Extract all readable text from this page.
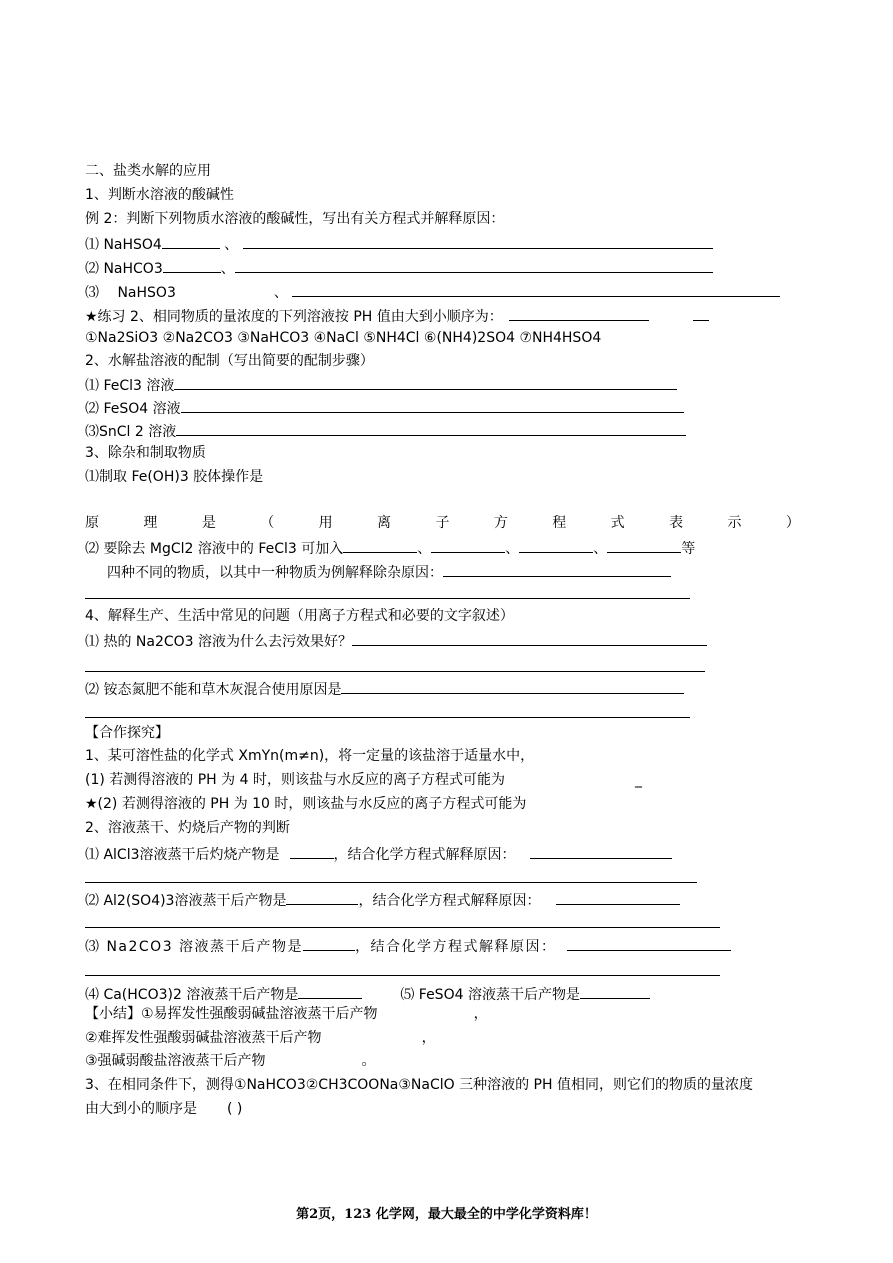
二、盐类水解的应用
1、判断水溶液的酸碱性
例 2：判断下列物质水溶液的酸碱性，写出有关方程式并解释原因：
⑴ NaHSO4	、
⑵ NaHCO3	、
⑶ NaHSO3	、
★练习 2、相同物质的量浓度的下列溶液按 PH 值由大到小顺序为：
①Na2SiO3 ②Na2CO3 ③NaHCO3 ④NaCl ⑤NH4Cl ⑥(NH4)2SO4 ⑦NH4HSO4
2、水解盐溶液的配制（写出简要的配制步骤）
⑴ FeCl3 溶液
⑵ FeSO4 溶液
⑶SnCl 2 溶液
3、除杂和制取物质
⑴制取 Fe(OH)3 胶体操作是
原	理	是	（	用	离	子	方	程	式	表	示	）
⑵ 要除去 MgCl2 溶液中的 FeCl3 可加入	、	、	、	等
四种不同的物质，以其中一种物质为例解释除杂原因：
4、解释生产、生活中常见的问题（用离子方程式和必要的文字叙述）
⑴ 热的 Na2CO3 溶液为什么去污效果好？
⑵ 铵态氮肥不能和草木灰混合使用原因是
【合作探究】
1、某可溶性盐的化学式 XmYn(m≠n)，将一定量的该盐溶于适量水中，
(1) 若测得溶液的 PH 为 4 时，则该盐与水反应的离子方程式可能为	_
★(2) 若测得溶液的 PH 为 10 时，则该盐与水反应的离子方程式可能为
2、溶液蒸干、灼烧后产物的判断
⑴ AlCl3溶液蒸干后灼烧产物是	，结合化学方程式解释原因：
⑵ Al2(SO4)3溶液蒸干后产物是	，结合化学方程式解释原因：
⑶ Na2CO3 溶液蒸干后产物是	，结合化学方程式解释原因：
⑷ Ca(HCO3)2 溶液蒸干后产物是	⑸ FeSO4 溶液蒸干后产物是
【小结】①易挥发性强酸弱碱盐溶液蒸干后产物	，
②难挥发性强酸弱碱盐溶液蒸干后产物	，
③强碱弱酸盐溶液蒸干后产物	。
3、在相同条件下，测得①NaHCO3②CH3COONa③NaClO 三种溶液的 PH 值相同，则它们的物质的量浓度
由大到小的顺序是 ( )
第2页，123 化学网，最大最全的中学化学资料库！
